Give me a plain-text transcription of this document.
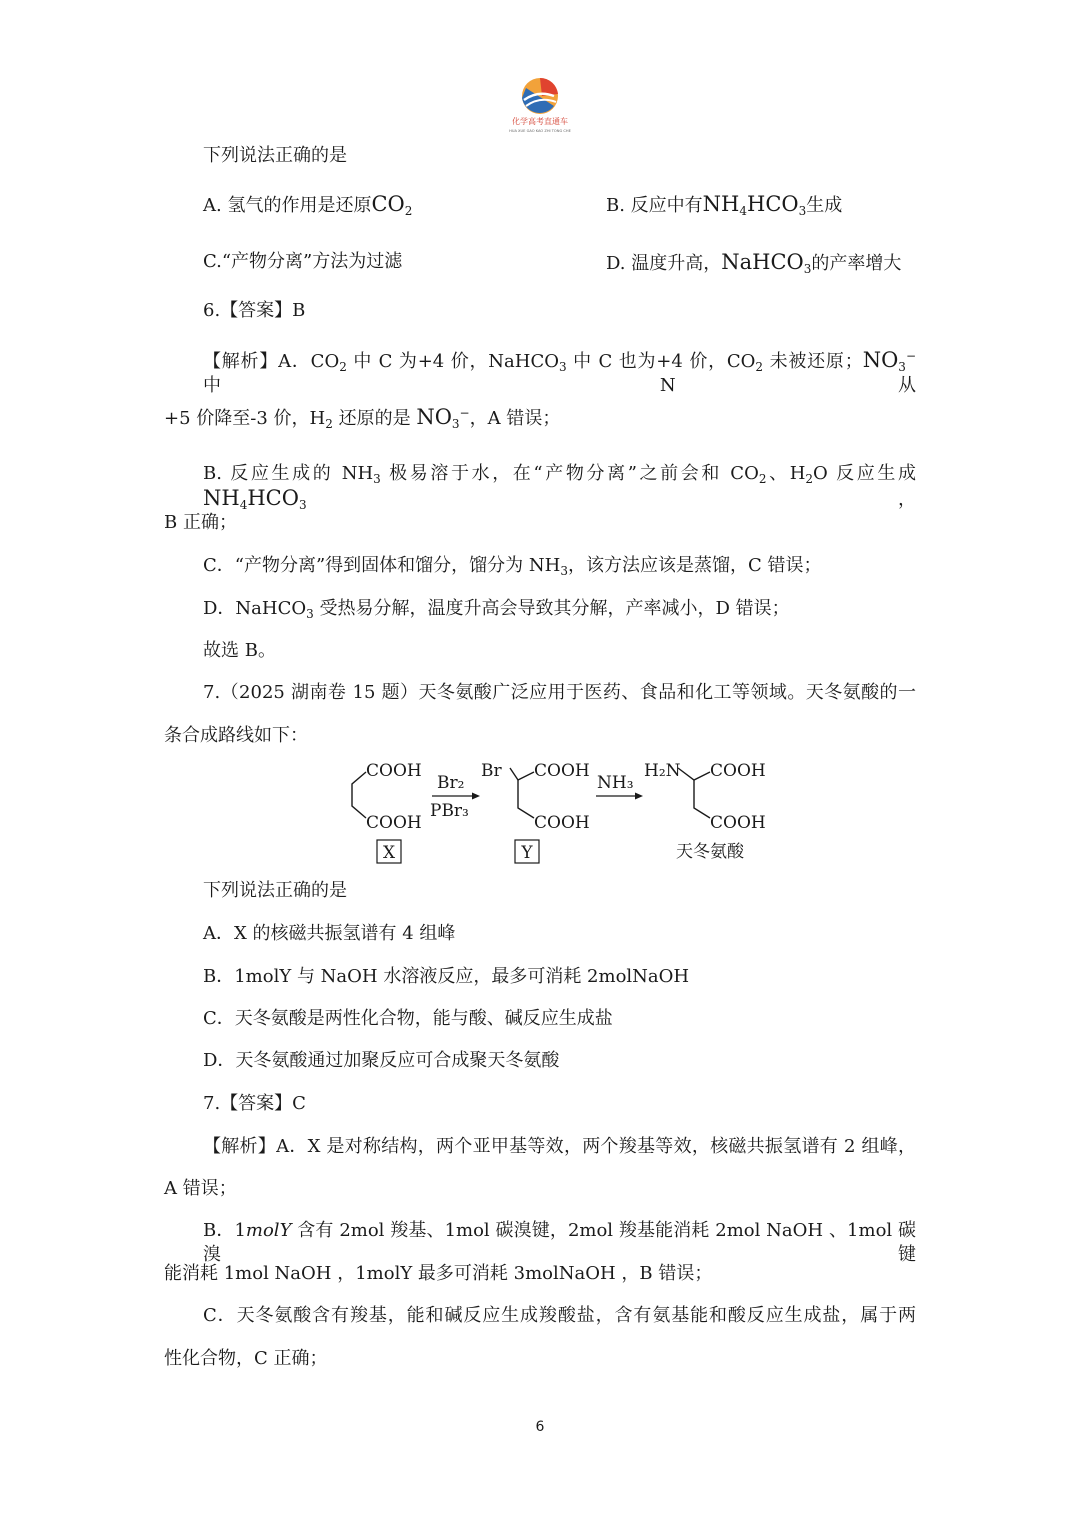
化学高考直通车
HUA XUE GAO KAO ZHI TONG CHE
下列说法正确的是
A. 氢气的作用是还原$CO_2$	B. 反应中有$NH_4HCO_3$生成
C.“产物分离”方法为过滤	D. 温度升高，NaHCO$_3$的产率增大
6.【答案】B
【解析】A．$CO_2$ 中 C 为+4 价，NaHCO$_3$ 中 C 也为+4 价，$CO_2$ 未被还原；$NO_3^-$ 中 N 从
+5 价降至-3 价，$H_2$ 还原的是 $NO_3^-$，A 错误；
B. 反应生成的 $NH_3$ 极易溶于水，在“产物分离”之前会和 $CO_2$、$H_2O$ 反应生成 $NH_4HCO_3$，
B 正确；
C．“产物分离”得到固体和馏分，馏分为 $NH_3$，该方法应该是蒸馏，C 错误；
D．NaHCO$_3$ 受热易分解，温度升高会导致其分解，产率减小，D 错误；
故选 B。
7.（2025 湖南卷 15 题）天冬氨酸广泛应用于医药、食品和化工等领域。天冬氨酸的一
条合成路线如下：
COOH
COOH
X
Br₂
PBr₃
Br COOH
COOH
Y
NH₃
H₂N COOH
COOH
天冬氨酸
下列说法正确的是
A．X 的核磁共振氢谱有 4 组峰
B．1molY 与 NaOH 水溶液反应，最多可消耗 2molNaOH
C．天冬氨酸是两性化合物，能与酸、碱反应生成盐
D．天冬氨酸通过加聚反应可合成聚天冬氨酸
7.【答案】C
【解析】A．X 是对称结构，两个亚甲基等效，两个羧基等效，核磁共振氢谱有 2 组峰，
A 错误；
B．1molY 含有 2mol 羧基、1mol 碳溴键，2mol 羧基能消耗 2mol NaOH 、1mol 碳溴键
能消耗 1mol NaOH ，1molY 最多可消耗 3molNaOH ，B 错误；
C．天冬氨酸含有羧基，能和碱反应生成羧酸盐，含有氨基能和酸反应生成盐，属于两
性化合物，C 正确；
6
